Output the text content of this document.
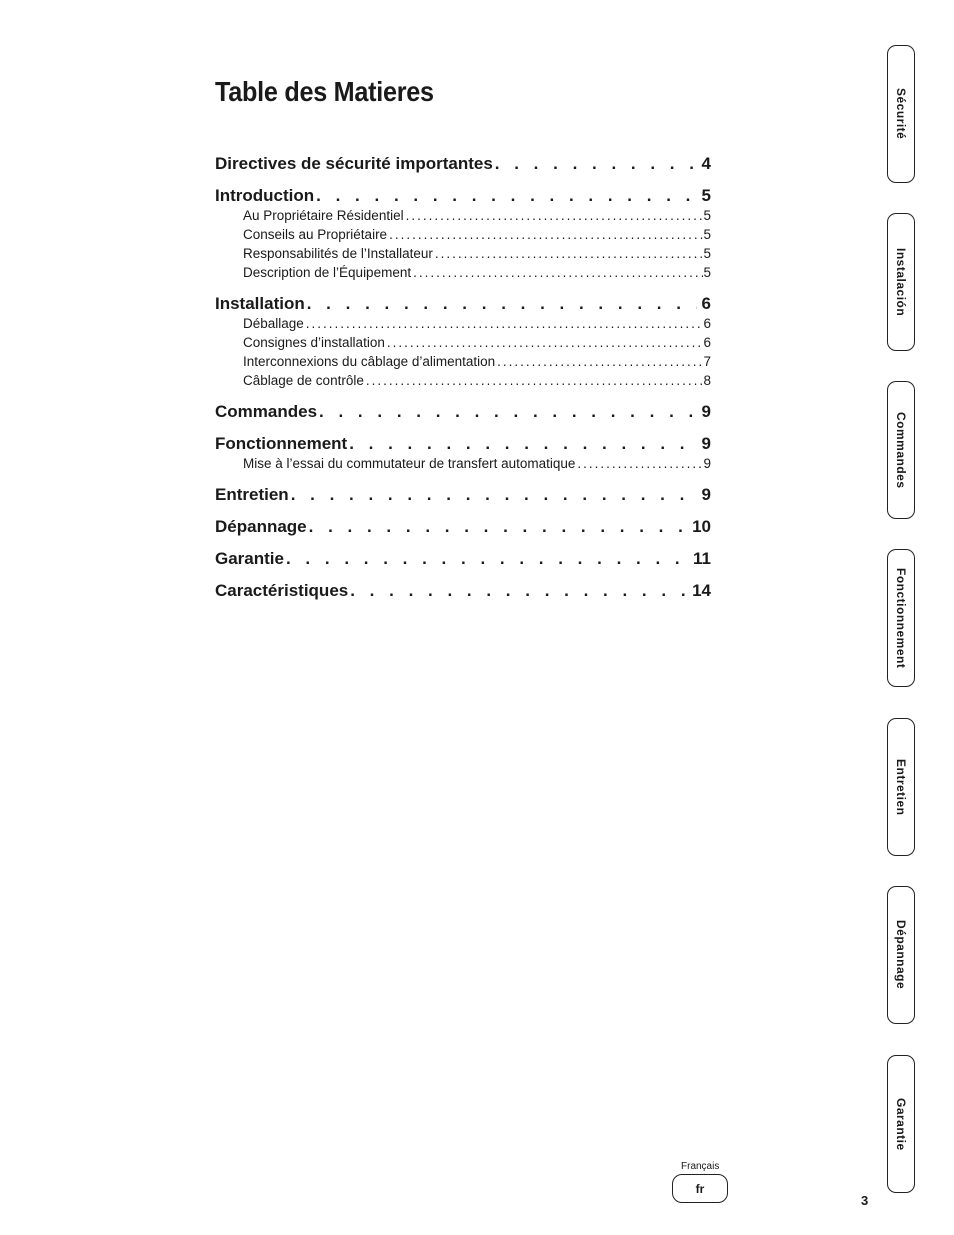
Table des Matieres
Directives de sécurité importantes . . .	4
Introduction . . .	5
Au Propriétaire Résidentiel .....	5
Conseils au Propriétaire .....	5
Responsabilités de l’Installateur .....	5
Description de l’Équipement .....	5
Installation . . .	6
Déballage .....	6
Consignes d’installation .....	6
Interconnexions du câblage d’alimentation .....	7
Câblage de contrôle .....	8
Commandes . . .	9
Fonctionnement . . .	9
Mise à l’essai du commutateur de transfert automatique .....	9
Entretien . . .	9
Dépannage . . .	10
Garantie . . .	11
Caractéristiques . . .	14
Sécurité
Instalación
Commandes
Fonctionnement
Entretien
Dépannage
Garantie
Français
fr
3
